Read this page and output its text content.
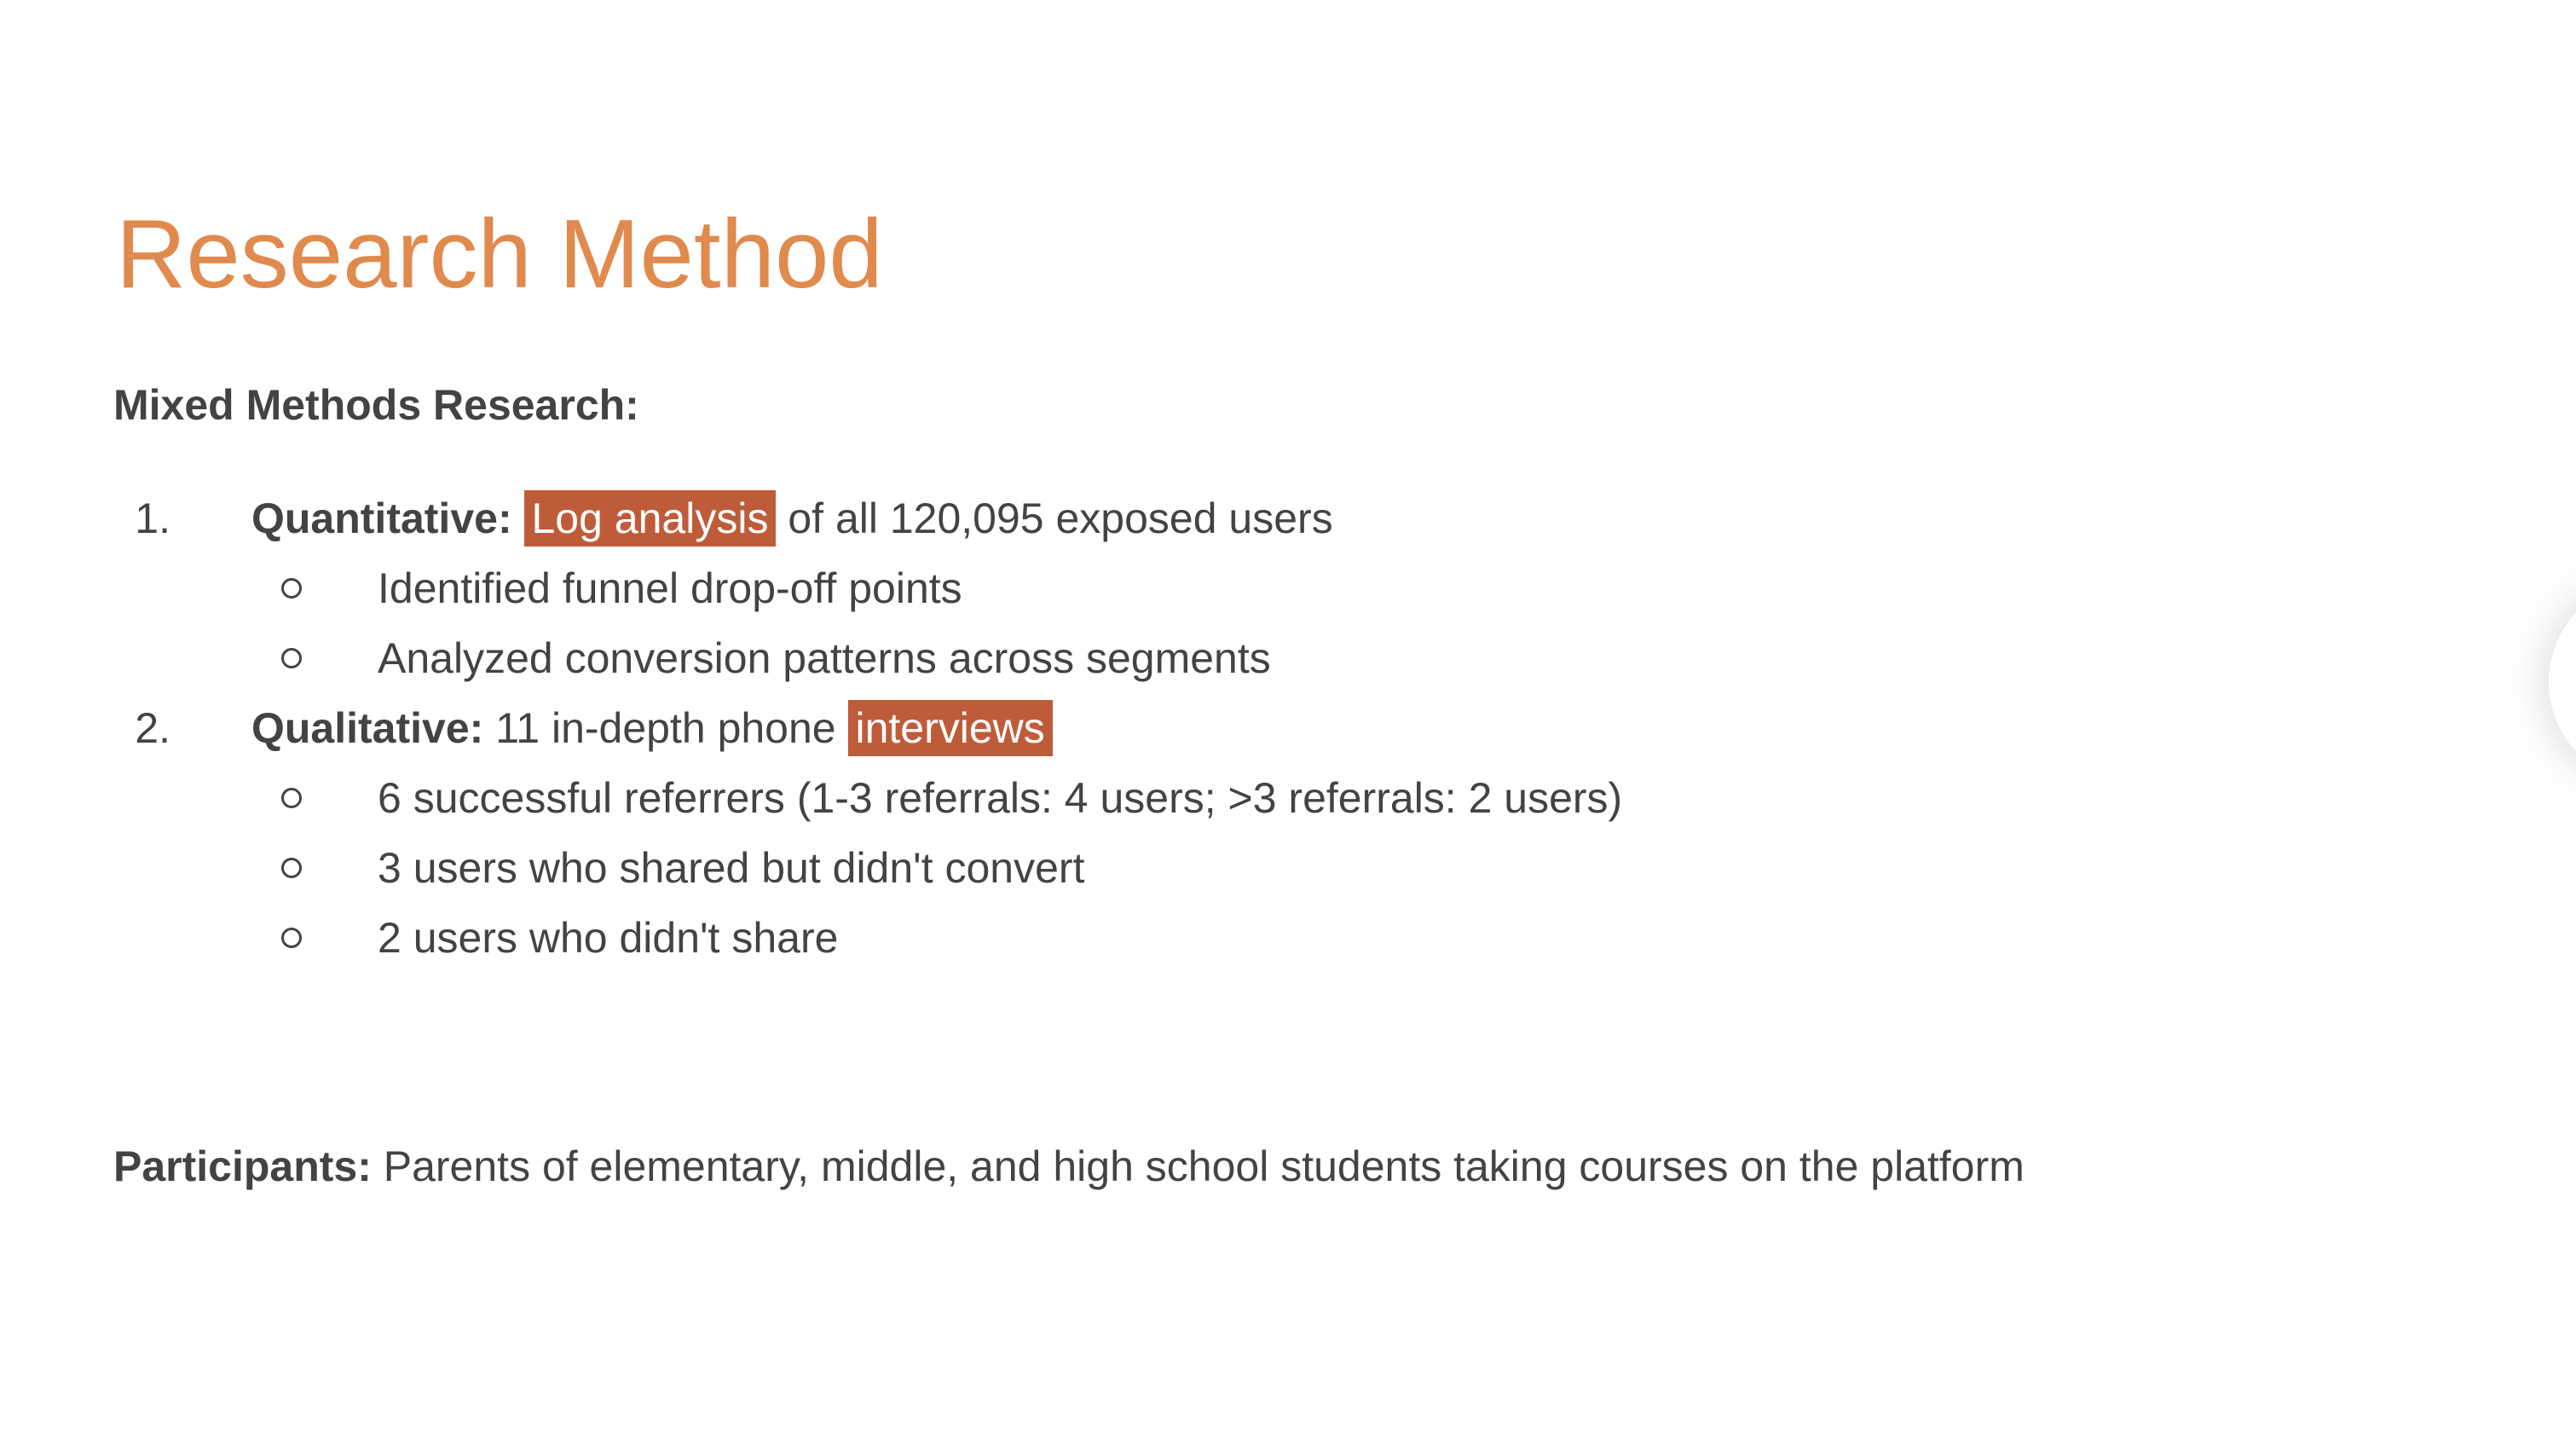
Research Method
Mixed Methods Research:
1. Quantitative: Log analysis of all 120,095 exposed users
Identified funnel drop-off points
Analyzed conversion patterns across segments
2. Qualitative: 11 in-depth phone interviews
6 successful referrers (1-3 referrals: 4 users; >3 referrals: 2 users)
3 users who shared but didn't convert
2 users who didn't share
Participants: Parents of elementary, middle, and high school students taking courses on the platform
